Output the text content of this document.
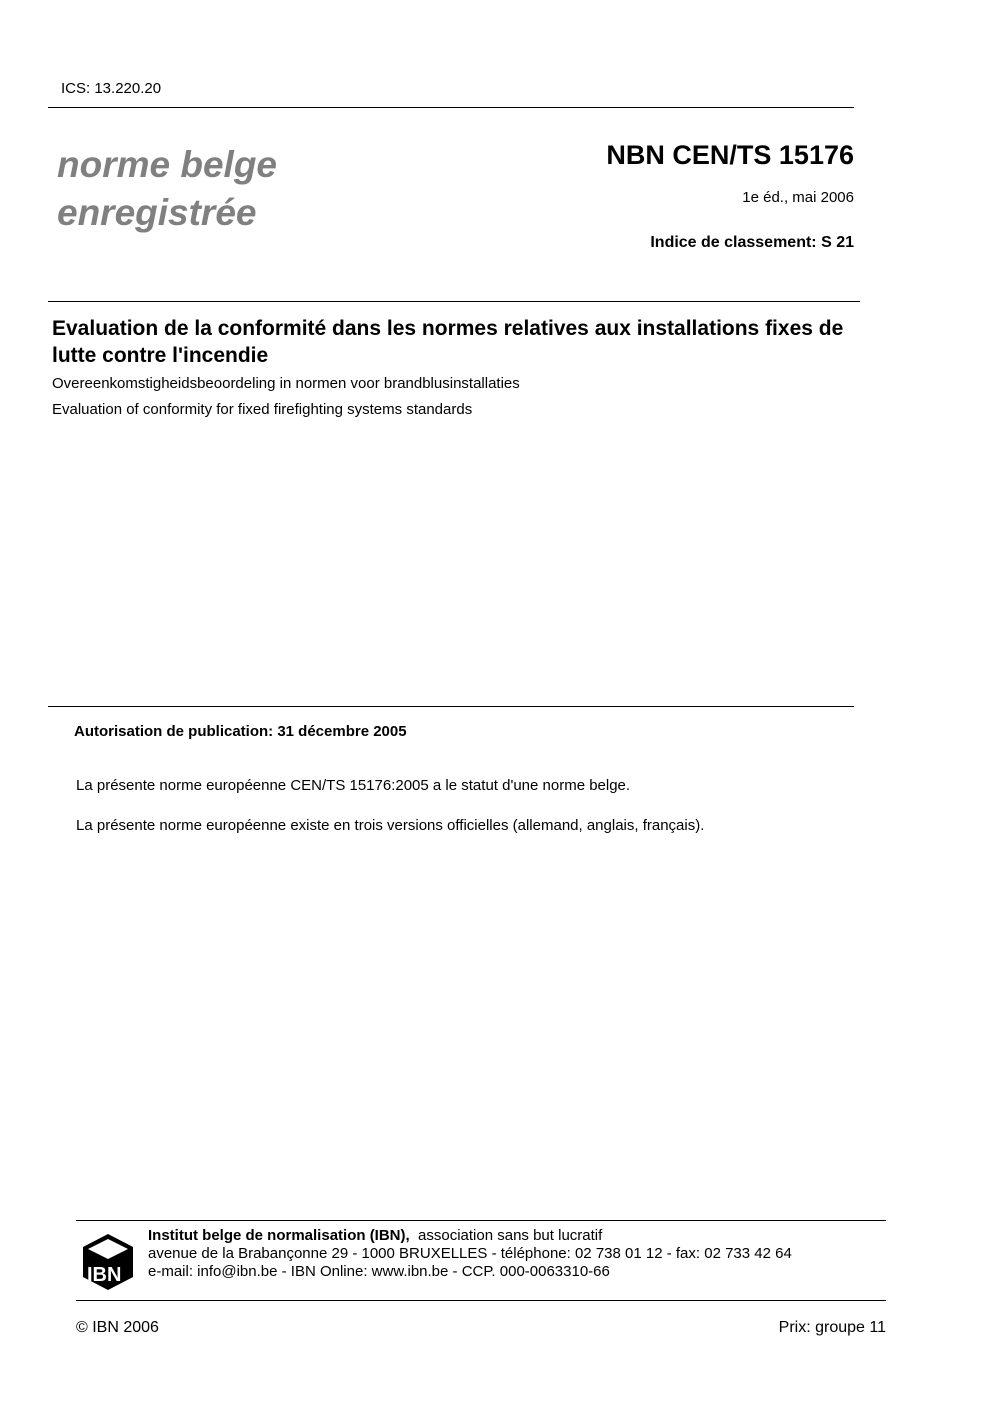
ICS: 13.220.20
norme belge
enregistrée
NBN CEN/TS 15176
1e éd., mai 2006
Indice de classement: S 21
Evaluation de la conformité dans les normes relatives aux installations fixes de lutte contre l'incendie
Overeenkomstigheidsbeoordeling in normen voor brandblusinstallaties
Evaluation of conformity for fixed firefighting systems standards
Autorisation de publication: 31 décembre 2005
La présente norme européenne CEN/TS 15176:2005 a le statut d'une norme belge.
La présente norme européenne existe en trois versions officielles (allemand, anglais, français).
IBN
Institut belge de normalisation (IBN), association sans but lucratif
avenue de la Brabançonne 29 - 1000 BRUXELLES - téléphone: 02 738 01 12 - fax: 02 733 42 64
e-mail: info@ibn.be - IBN Online: www.ibn.be - CCP. 000-0063310-66
© IBN 2006	Prix: groupe 11
